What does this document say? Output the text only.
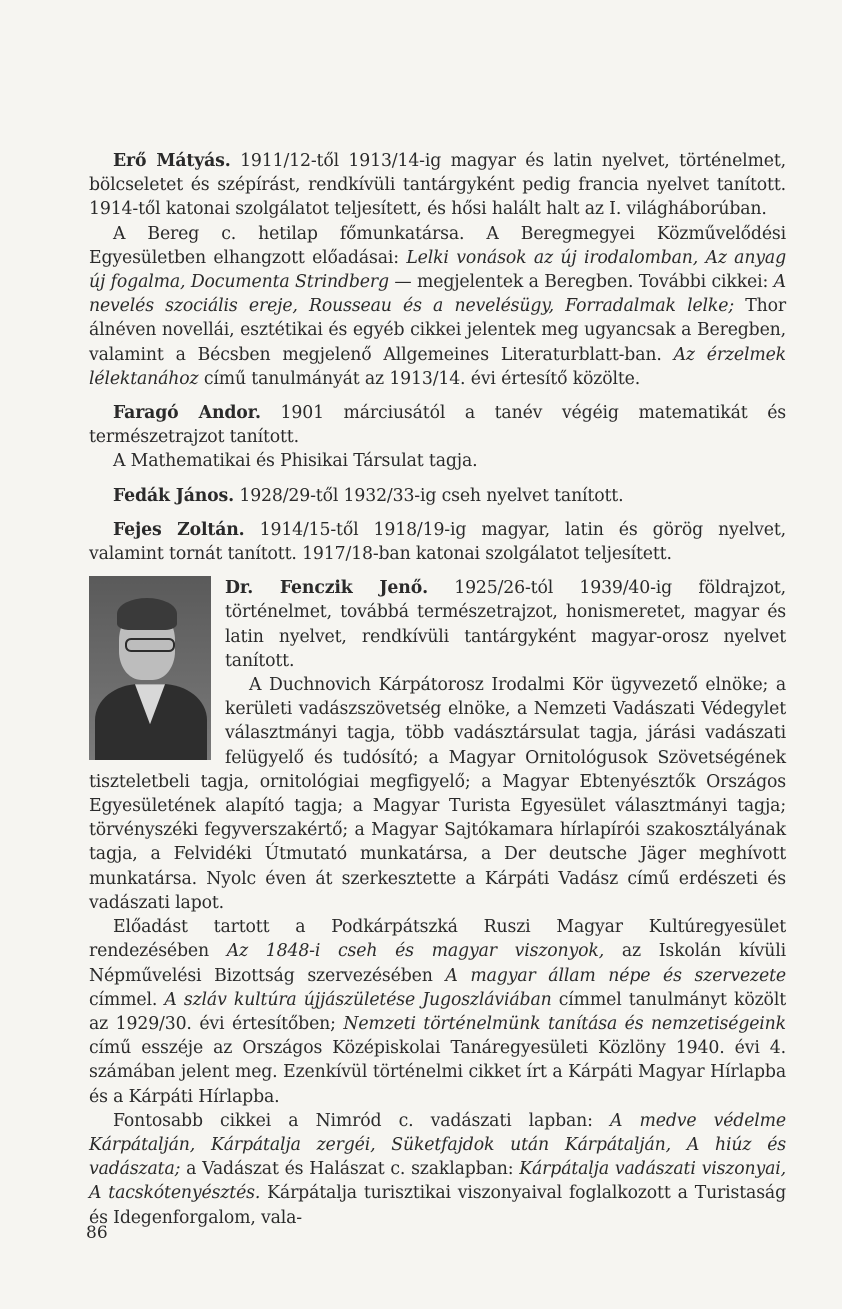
Erő Mátyás. 1911/12-től 1913/14-ig magyar és latin nyelvet, történelmet, bölcseletet és szépírást, rendkívüli tantárgyként pedig francia nyelvet tanított. 1914-től katonai szolgálatot teljesített, és hősi halált halt az I. világháborúban.

A Bereg c. hetilap főmunkatársa. A Beregmegyei Közművelődési Egyesületben elhangzott előadásai: Lelki vonások az új irodalomban, Az anyag új fogalma, Documenta Strindberg — megjelentek a Beregben. További cikkei: A nevelés szociális ereje, Rousseau és a nevelésügy, Forradalmak lelke; Thor álnéven novellái, esztétikai és egyéb cikkei jelentek meg ugyancsak a Beregben, valamint a Bécsben megjelenő Allgemeines Literaturblatt-ban. Az érzelmek lélektanához című tanulmányát az 1913/14. évi értesítő közölte.

Faragó Andor. 1901 márciusától a tanév végéig matematikát és természetrajzot tanított.

A Mathematikai és Phisikai Társulat tagja.

Fedák János. 1928/29-től 1932/33-ig cseh nyelvet tanított.

Fejes Zoltán. 1914/15-től 1918/19-ig magyar, latin és görög nyelvet, valamint tornát tanított. 1917/18-ban katonai szolgálatot teljesített.

Dr. Fenczik Jenő. 1925/26-tól 1939/40-ig földrajzot, történelmet, továbbá természetrajzot, honismeretet, magyar és latin nyelvet, rendkívüli tantárgyként magyar-orosz nyelvet tanított.

A Duchnovich Kárpátorosz Irodalmi Kör ügyvezető elnöke; a kerületi vadászszövetség elnöke, a Nemzeti Vadászati Védegylet választmányi tagja, több vadásztársulat tagja, járási vadászati felügyelő és tudósító; a Magyar Ornitológusok Szövetségének tiszteletbeli tagja, ornitológiai megfigyelő; a Magyar Ebtenyésztők Országos Egyesületének alapító tagja; a Magyar Turista Egyesület választmányi tagja; törvényszéki fegyverszakértő; a Magyar Sajtókamara hírlapírói szakosztályának tagja, a Felvidéki Útmutató munkatársa, a Der deutsche Jäger meghívott munkatársa. Nyolc éven át szerkesztette a Kárpáti Vadász című erdészeti és vadászati lapot.

Előadást tartott a Podkárpátszká Ruszi Magyar Kultúregyesület rendezésében Az 1848-i cseh és magyar viszonyok, az Iskolán kívüli Népművelési Bizottság szervezésében A magyar állam népe és szervezete címmel. A szláv kultúra újjászületése Jugoszláviában címmel tanulmányt közölt az 1929/30. évi értesítőben; Nemzeti történelmünk tanítása és nemzetiségeink című esszéje az Országos Középiskolai Tanáregyesületi Közlöny 1940. évi 4. számában jelent meg. Ezenkívül történelmi cikket írt a Kárpáti Magyar Hírlapba és a Kárpáti Hírlapba.

Fontosabb cikkei a Nimród c. vadászati lapban: A medve védelme Kárpátalján, Kárpátalja zergéi, Süketfajdok után Kárpátalján, A hiúz és vadászata; a Vadászat és Halászat c. szaklapban: Kárpátalja vadászati viszonyai, A tacskótenyésztés. Kárpátalja turisztikai viszonyaival foglalkozott a Turistaság és Idegenforgalom, vala-

86
